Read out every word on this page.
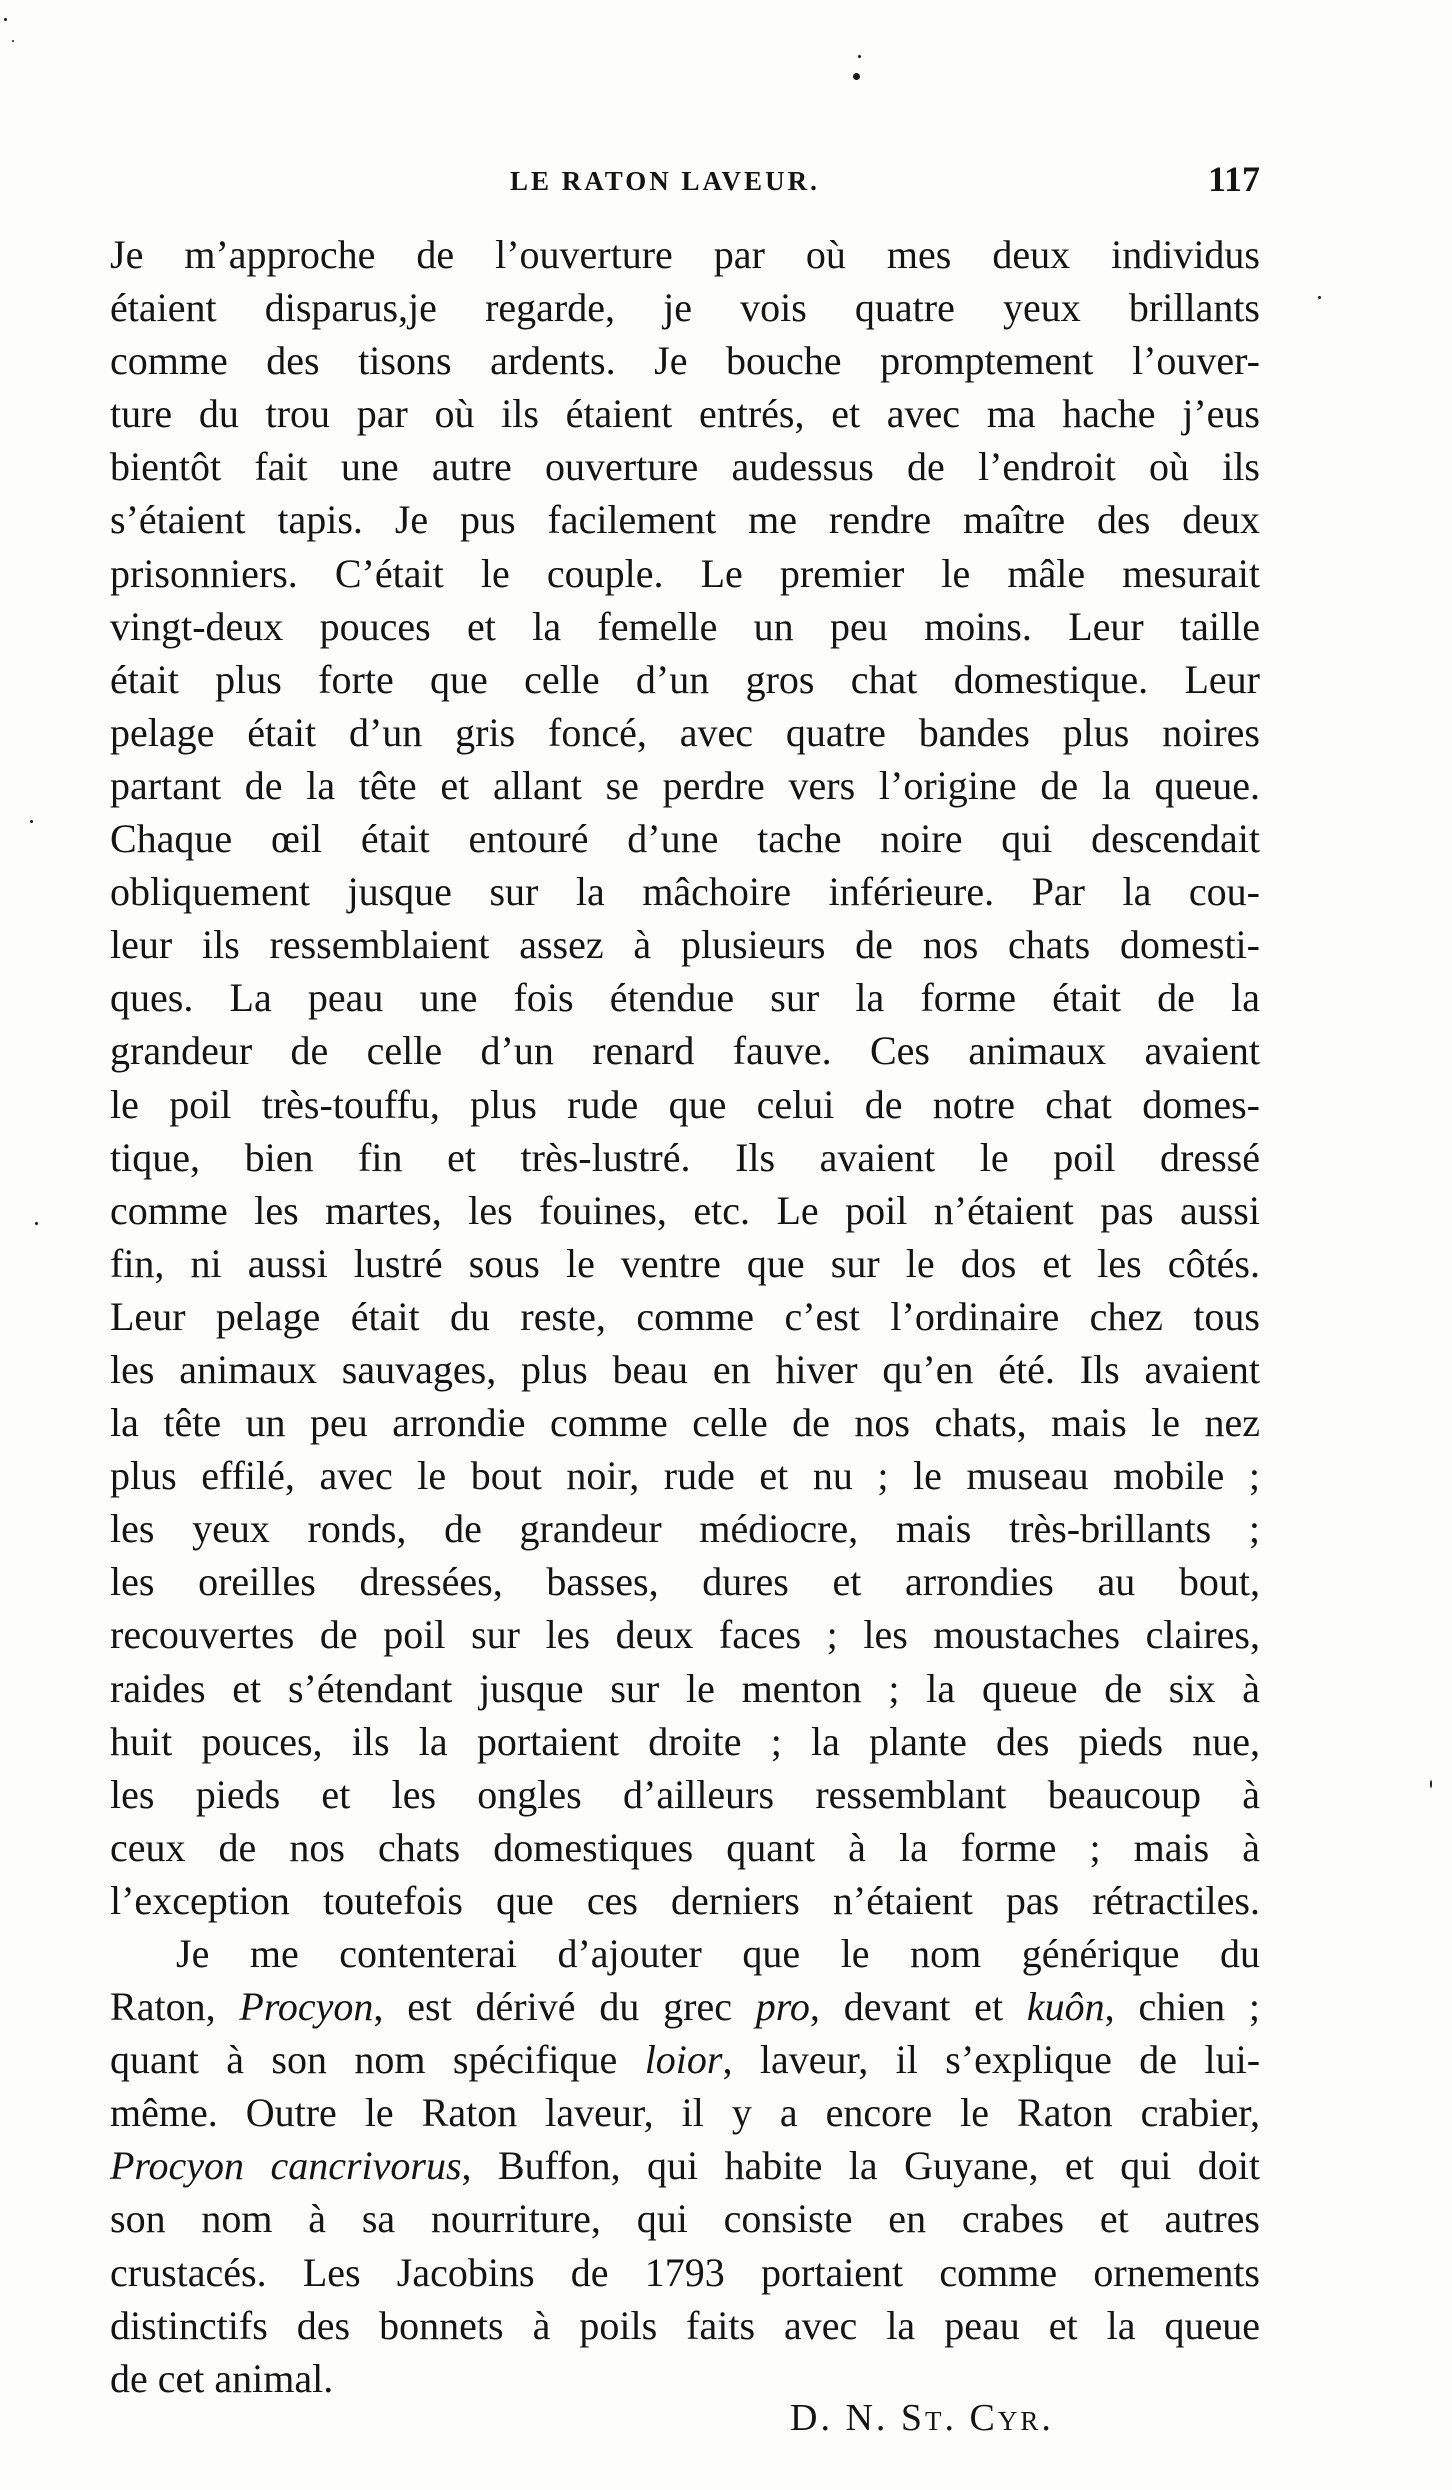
LE RATON LAVEUR.	117
Je m’approche de l’ouverture par où mes deux individus
étaient disparus,je regarde, je vois quatre yeux brillants
comme des tisons ardents. Je bouche promptement l’ouver-
ture du trou par où ils étaient entrés, et avec ma hache j’eus
bientôt fait une autre ouverture audessus de l’endroit où ils
s’étaient tapis. Je pus facilement me rendre maître des deux
prisonniers. C’était le couple. Le premier le mâle mesurait
vingt-deux pouces et la femelle un peu moins. Leur taille
était plus forte que celle d’un gros chat domestique. Leur
pelage était d’un gris foncé, avec quatre bandes plus noires
partant de la tête et allant se perdre vers l’origine de la queue.
Chaque œil était entouré d’une tache noire qui descendait
obliquement jusque sur la mâchoire inférieure. Par la cou-
leur ils ressemblaient assez à plusieurs de nos chats domesti-
ques. La peau une fois étendue sur la forme était de la
grandeur de celle d’un renard fauve. Ces animaux avaient
le poil très-touffu, plus rude que celui de notre chat domes-
tique, bien fin et très-lustré. Ils avaient le poil dressé
comme les martes, les fouines, etc. Le poil n’étaient pas aussi
fin, ni aussi lustré sous le ventre que sur le dos et les côtés.
Leur pelage était du reste, comme c’est l’ordinaire chez tous
les animaux sauvages, plus beau en hiver qu’en été. Ils avaient
la tête un peu arrondie comme celle de nos chats, mais le nez
plus effilé, avec le bout noir, rude et nu ; le museau mobile ;
les yeux ronds, de grandeur médiocre, mais très-brillants ;
les oreilles dressées, basses, dures et arrondies au bout,
recouvertes de poil sur les deux faces ; les moustaches claires,
raides et s’étendant jusque sur le menton ; la queue de six à
huit pouces, ils la portaient droite ; la plante des pieds nue,
les pieds et les ongles d’ailleurs ressemblant beaucoup à
ceux de nos chats domestiques quant à la forme ; mais à
l’exception toutefois que ces derniers n’étaient pas rétractiles.
Je me contenterai d’ajouter que le nom générique du
Raton, Procyon, est dérivé du grec pro, devant et kuôn, chien ;
quant à son nom spécifique loior, laveur, il s’explique de lui-
même. Outre le Raton laveur, il y a encore le Raton crabier,
Procyon cancrivorus, Buffon, qui habite la Guyane, et qui doit
son nom à sa nourriture, qui consiste en crabes et autres
crustacés. Les Jacobins de 1793 portaient comme ornements
distinctifs des bonnets à poils faits avec la peau et la queue
de cet animal.
D. N. St. Cyr.
